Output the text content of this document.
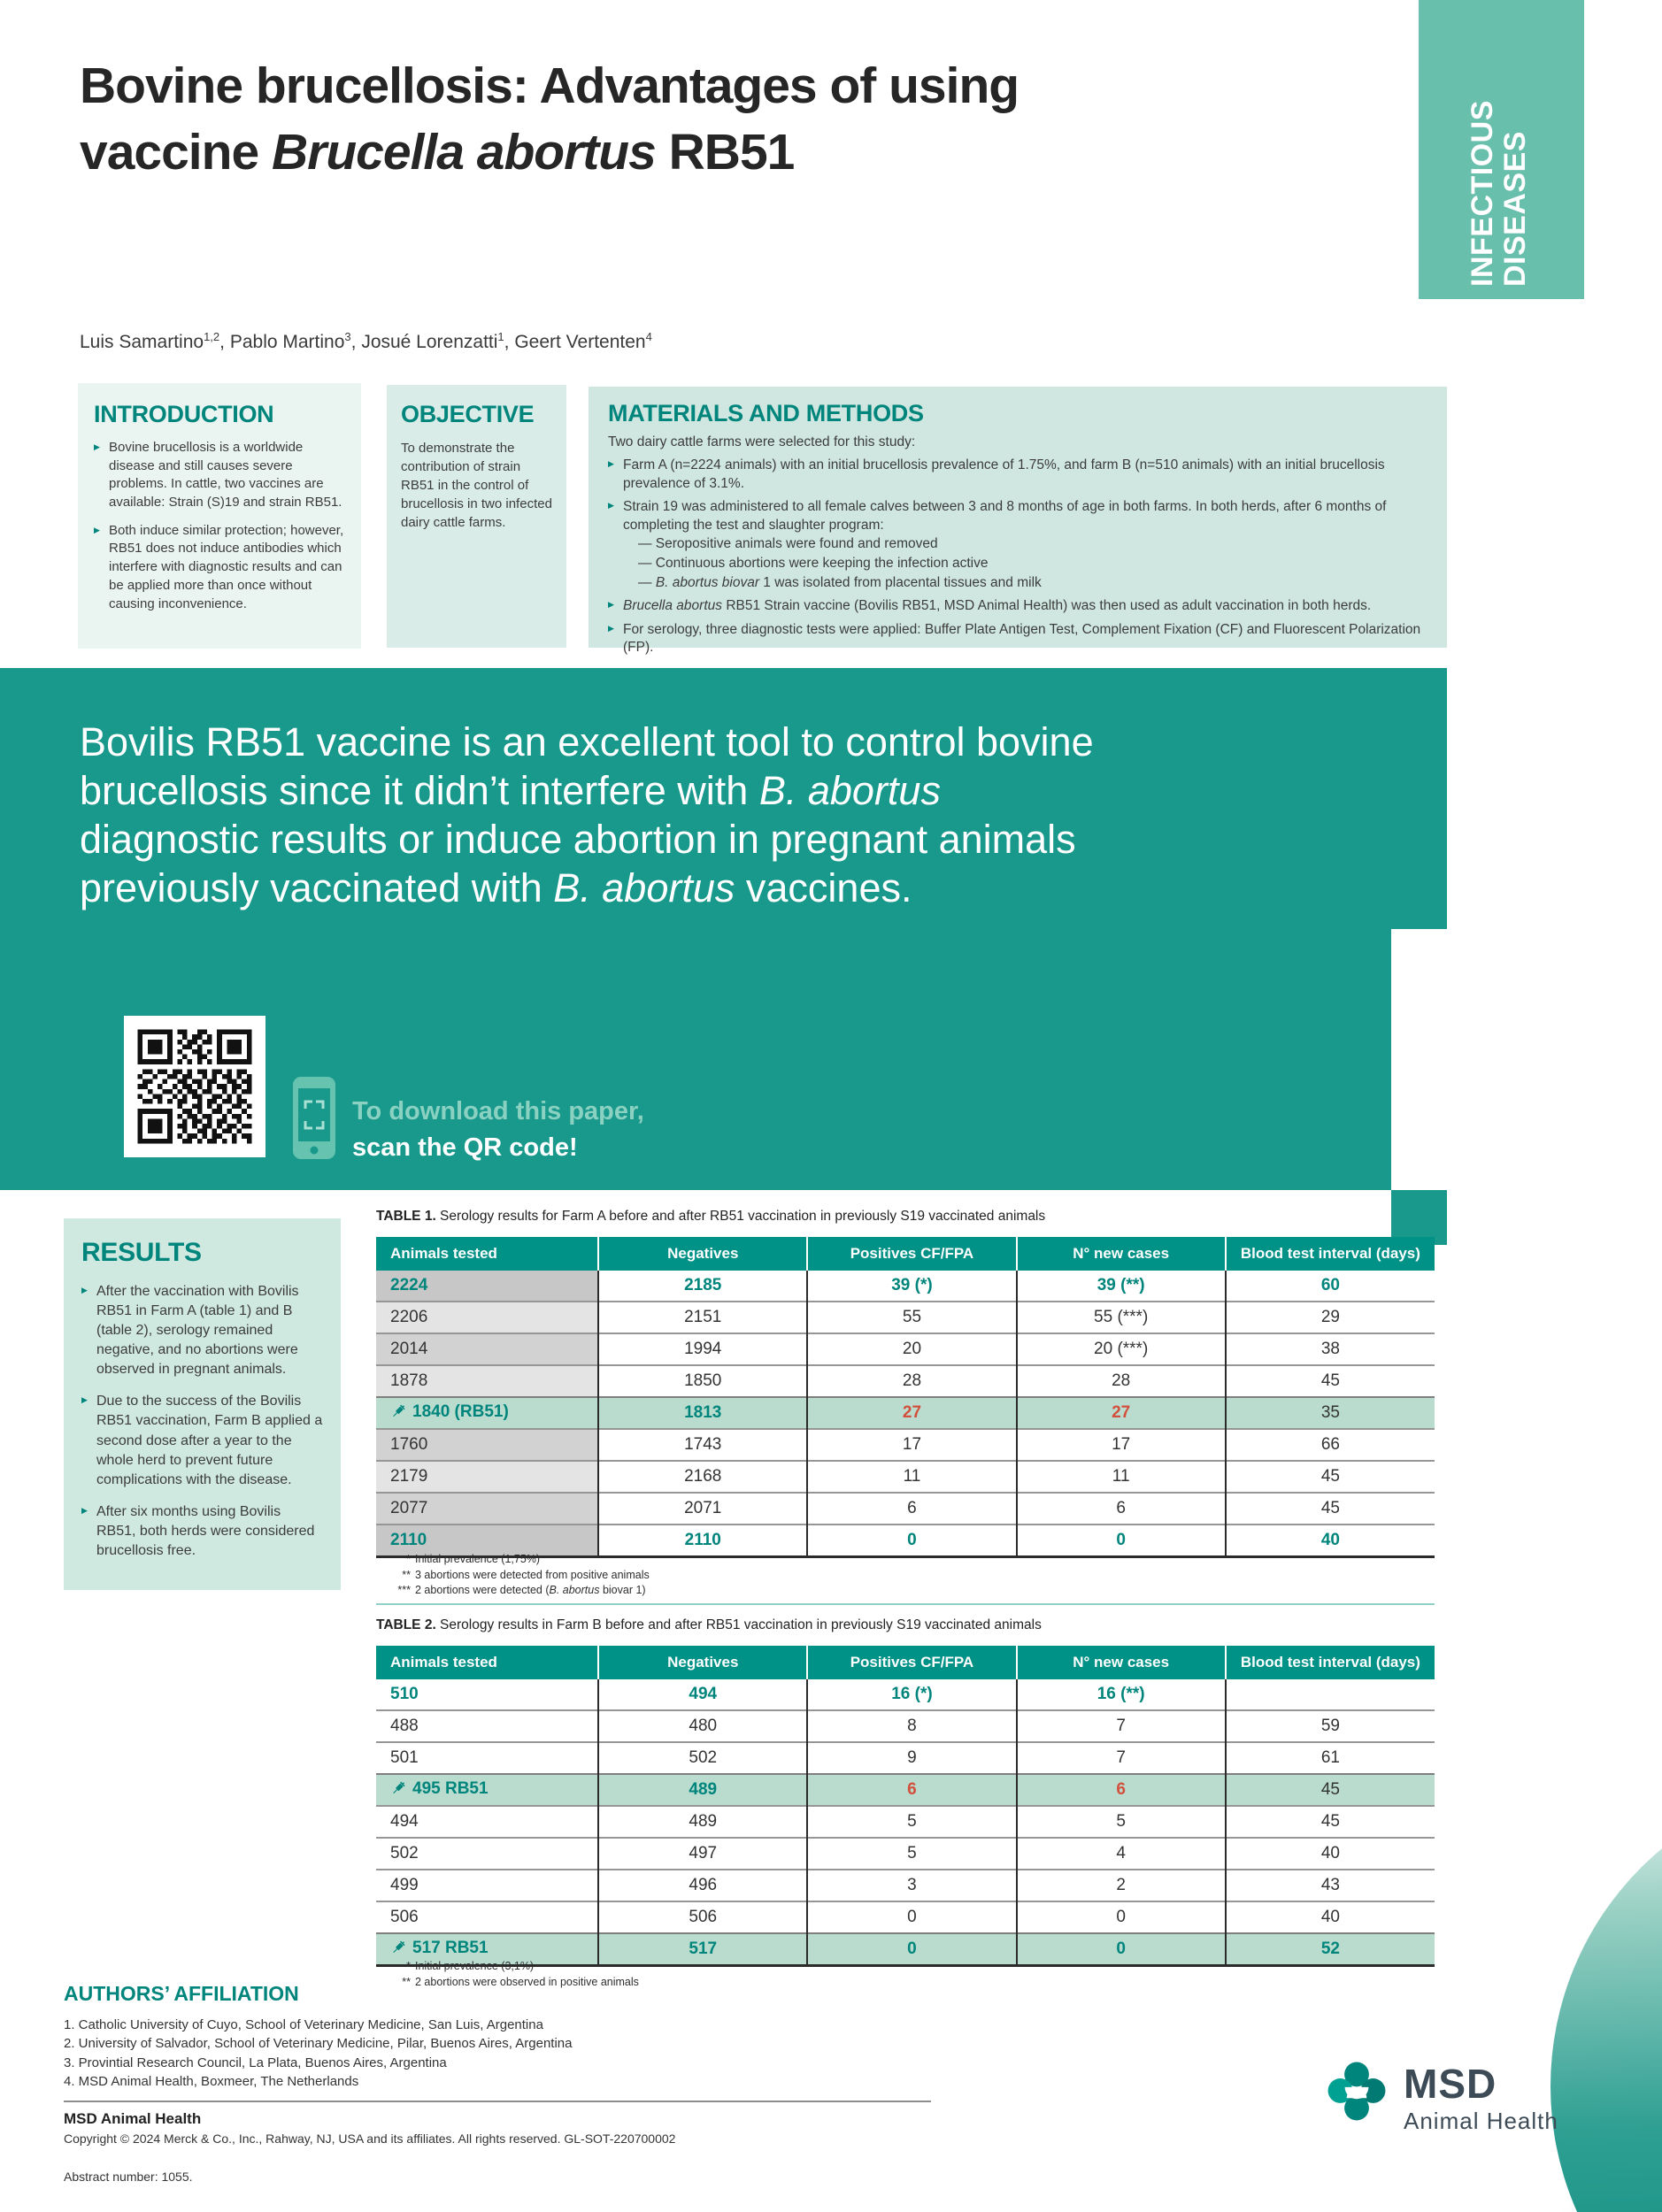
INFECTIOUS DISEASES
Bovine brucellosis: Advantages of using
vaccine Brucella abortus RB51

Luis Samartino$^{1,2}$, Pablo Martino$^3$, Josué Lorenzatti$^1$, Geert Vertenten$^4$

INTRODUCTION
▶ Bovine brucellosis is a worldwide disease and still causes severe problems. In cattle, two vaccines are available: Strain (S)19 and strain RB51.
▶ Both induce similar protection; however, RB51 does not induce antibodies which interfere with diagnostic results and can be applied more than once without causing inconvenience.
OBJECTIVE

To demonstrate the contribution of strain RB51 in the control of brucellosis in two infected dairy cattle farms.

MATERIALS AND METHODS

Two dairy cattle farms were selected for this study:

▶ Farm A (n=2224 animals) with an initial brucellosis prevalence of 1.75%, and farm B (n=510 animals) with an initial brucellosis prevalence of 3.1%.
▶ Strain 19 was administered to all female calves between 3 and 8 months of age in both farms. In both herds, after 6 months of completing the test and slaughter program:
— Seropositive animals were found and removed
— Continuous abortions were keeping the infection active
— B. abortus biovar 1 was isolated from placental tissues and milk
▶ Brucella abortus RB51 Strain vaccine (Bovilis RB51, MSD Animal Health) was then used as adult vaccination in both herds.
▶ For serology, three diagnostic tests were applied: Buffer Plate Antigen Test, Complement Fixation (CF) and Fluorescent Polarization (FP).

Bovilis RB51 vaccine is an excellent tool to control bovine
brucellosis since it didn’t interfere with B. abortus
diagnostic results or induce abortion in pregnant animals
previously vaccinated with B. abortus vaccines.

To download this paper,
scan the QR code!
RESULTS
▶ After the vaccination with Bovilis RB51 in Farm A (table 1) and B (table 2), serology remained negative, and no abortions were observed in pregnant animals.
▶ Due to the success of the Bovilis RB51 vaccination, Farm B applied a second dose after a year to the whole herd to prevent future complications with the disease.
▶ After six months using Bovilis RB51, both herds were considered brucellosis free.
TABLE 1. Serology results for Farm A before and after RB51 vaccination in previously S19 vaccinated animals
Animals tested	Negatives	Positives CF/FPA	N° new cases	Blood test interval (days)
2224	2185	39 (*)	39 (**)	60
2206	2151	55	55 (***)	29
2014	1994	20	20 (***)	38
1878	1850	28	28	45
1840 (RB51)	1813	27	27	35
1760	1743	17	17	66
2179	2168	11	11	45
2077	2071	6	6	45
2110	2110	0	0	40
* Initial prevalence (1,75%)
** 3 abortions were detected from positive animals
*** 2 abortions were detected (B. abortus biovar 1)
TABLE 2. Serology results in Farm B before and after RB51 vaccination in previously S19 vaccinated animals
Animals tested	Negatives	Positives CF/FPA	N° new cases	Blood test interval (days)
510	494	16 (*)	16 (**)	
488	480	8	7	59
501	502	9	7	61
495 RB51	489	6	6	45
494	489	5	5	45
502	497	5	4	40
499	496	3	2	43
506	506	0	0	40
517 RB51	517	0	0	52
* Initial prevalence (3,1%)
** 2 abortions were observed in positive animals
AUTHORS’ AFFILIATION
1. Catholic University of Cuyo, School of Veterinary Medicine, San Luis, Argentina
2. University of Salvador, School of Veterinary Medicine, Pilar, Buenos Aires, Argentina
3. Provintial Research Council, La Plata, Buenos Aires, Argentina
4. MSD Animal Health, Boxmeer, The Netherlands
MSD Animal Health
Copyright © 2024 Merck & Co., Inc., Rahway, NJ, USA and its affiliates. All rights reserved. GL-SOT-220700002
Abstract number: 1055.
MSD
Animal Health
